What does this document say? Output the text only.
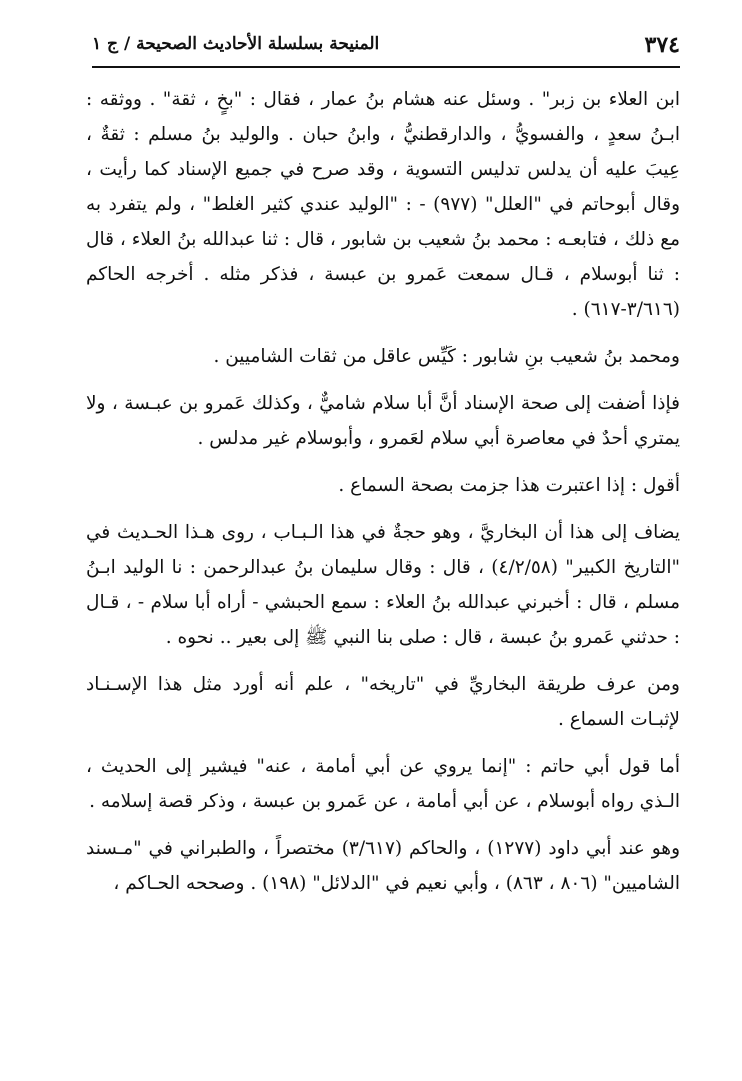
٣٧٤
المنيحة بسلسلة الأحاديث الصحيحة / ج ١

ابن العلاء بن زبر" . وسئل عنه هشام بنُ عمار ، فقال : "بخٍ ، ثقة" . ووثقه : ابـنُ سعدٍ ، والفسويُّ ، والدارقطنيُّ ، وابنُ حبان . والوليد بنُ مسلم : ثقةٌ ، عِيبَ عليه أن يدلس تدليس التسوية ، وقد صرح في جميع الإسناد كما رأيت ، وقال أبوحاتم في "العلل" (٩٧٧) - : "الوليد عندي كثير الغلط" ، ولم يتفرد به مع ذلك ، فتابعـه : محمد بنُ شعيب بن شابور ، قال : ثنا عبدالله بنُ العلاء ، قال : ثنا أبوسلام ، قـال سمعت عَمرو بن عبسة ، فذكر مثله . أخرجه الحاكم (٣/٦١٦-٦١٧) .

ومحمد بنُ شعيب بنِ شابور : كَيِّس عاقل من ثقات الشاميين .

فإذا أضفت إلى صحة الإسناد أنَّ أبا سلام شاميٌّ ، وكذلك عَمرو بن عبـسة ، ولا يمتري أحدٌ في معاصرة أبي سلام لعَمرو ، وأبوسلام غير مدلس .

أقول : إذا اعتبرت هذا جزمت بصحة السماع .

يضاف إلى هذا أن البخاريَّ ، وهو حجةٌ في هذا الـبـاب ، روى هـذا الحـديث في "التاريخ الكبير" (٤/٢/٥٨) ، قال : وقال سليمان بنُ عبدالرحمن : نا الوليد ابـنُ مسلم ، قال : أخبرني عبدالله بنُ العلاء : سمع الحبشي - أراه أبا سلام - ، قـال : حدثني عَمرو بنُ عبسة ، قال : صلى بنا النبي ﷺ إلى بعير .. نحوه .

ومن عرف طريقة البخاريِّ في "تاريخه" ، علم أنه أورد مثل هذا الإسـنـاد لإثبـات السماع .

أما قول أبي حاتم : "إنما يروي عن أبي أمامة ، عنه" فيشير إلى الحديث ، الـذي رواه أبوسلام ، عن أبي أمامة ، عن عَمرو بن عبسة ، وذكر قصة إسلامه .

وهو عند أبي داود (١٢٧٧) ، والحاكم (٣/٦١٧) مختصراً ، والطبراني في "مـسند الشاميين" (٨٠٦ ، ٨٦٣) ، وأبي نعيم في "الدلائل" (١٩٨) . وصححه الحـاكم ،
